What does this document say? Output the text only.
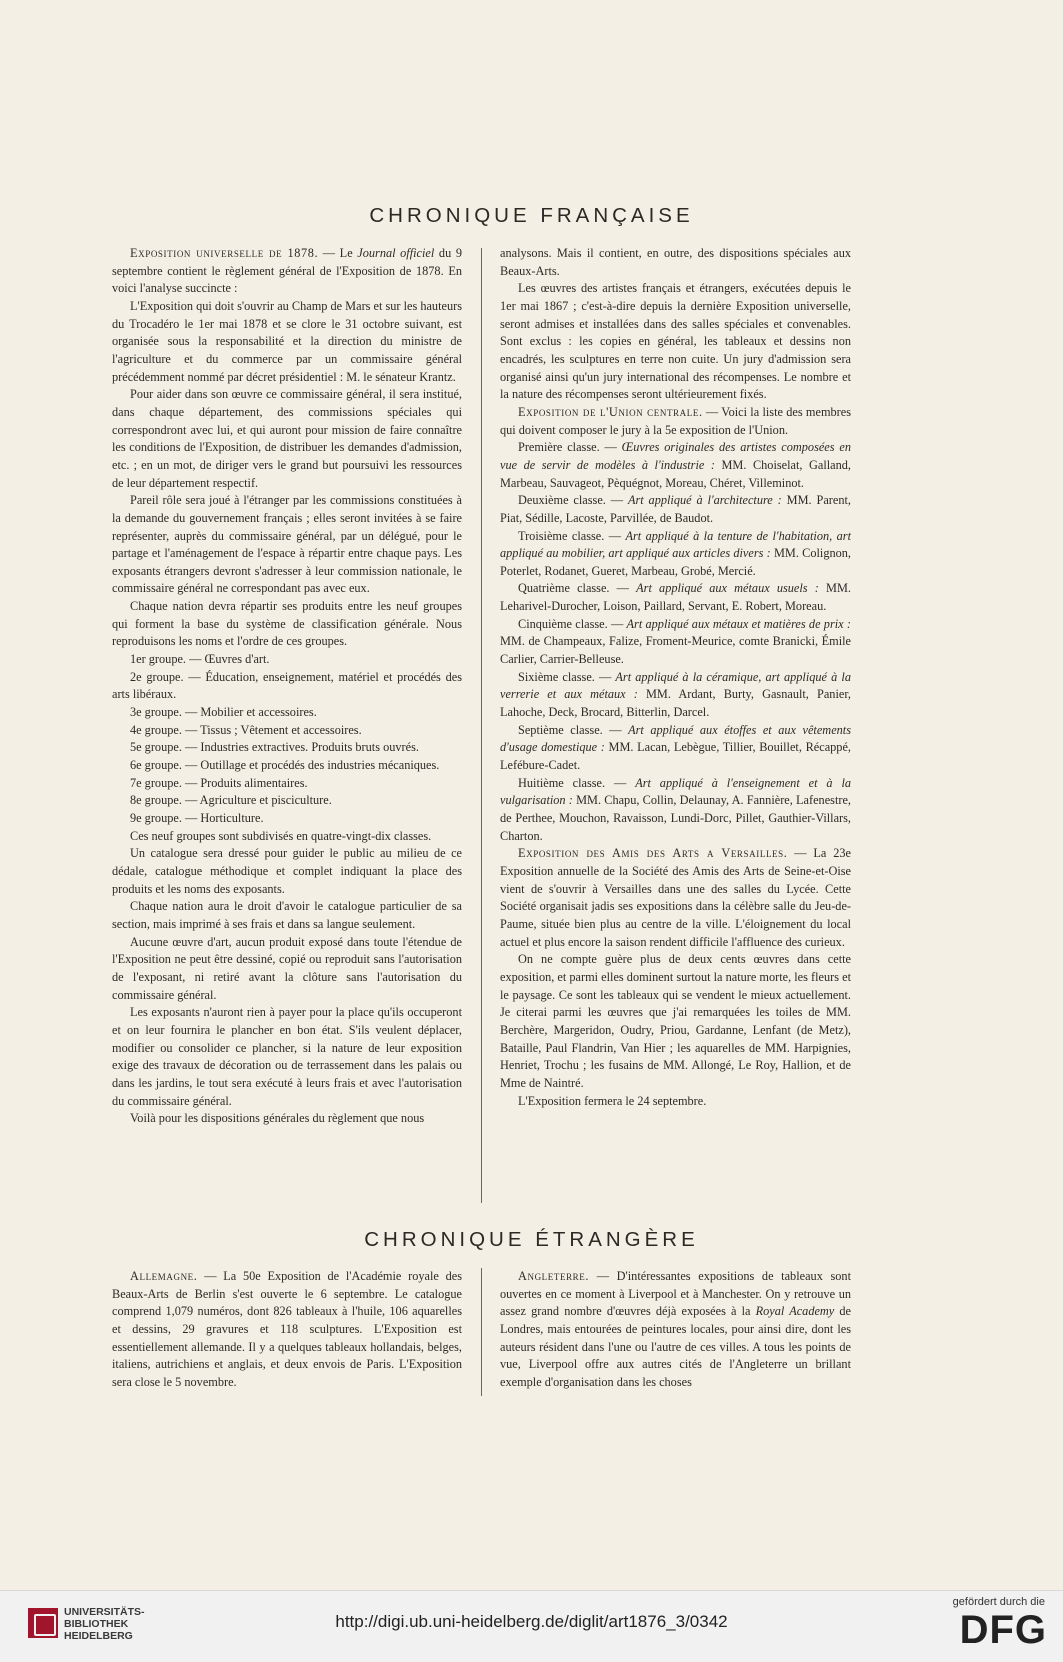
CHRONIQUE FRANÇAISE

Exposition universelle de 1878. — Le Journal officiel du 9 septembre contient le règlement général de l'Exposition de 1878. En voici l'analyse succincte :

L'Exposition qui doit s'ouvrir au Champ de Mars et sur les hauteurs du Trocadéro le 1er mai 1878 et se clore le 31 octobre suivant, est organisée sous la responsabilité et la direction du ministre de l'agriculture et du commerce par un commissaire général précédemment nommé par décret présidentiel : M. le sénateur Krantz.

Pour aider dans son œuvre ce commissaire général, il sera institué, dans chaque département, des commissions spéciales qui correspondront avec lui, et qui auront pour mission de faire connaître les conditions de l'Exposition, de distribuer les demandes d'admission, etc. ; en un mot, de diriger vers le grand but poursuivi les ressources de leur département respectif.

Pareil rôle sera joué à l'étranger par les commissions constituées à la demande du gouvernement français ; elles seront invitées à se faire représenter, auprès du commissaire général, par un délégué, pour le partage et l'aménagement de l'espace à répartir entre chaque pays. Les exposants étrangers devront s'adresser à leur commission nationale, le commissaire général ne correspondant pas avec eux.

Chaque nation devra répartir ses produits entre les neuf groupes qui forment la base du système de classification générale. Nous reproduisons les noms et l'ordre de ces groupes.

1er groupe. — Œuvres d'art.

2e groupe. — Éducation, enseignement, matériel et procédés des arts libéraux.

3e groupe. — Mobilier et accessoires.

4e groupe. — Tissus ; Vêtement et accessoires.

5e groupe. — Industries extractives. Produits bruts ouvrés.

6e groupe. — Outillage et procédés des industries mécaniques.

7e groupe. — Produits alimentaires.

8e groupe. — Agriculture et pisciculture.

9e groupe. — Horticulture.

Ces neuf groupes sont subdivisés en quatre-vingt-dix classes.

Un catalogue sera dressé pour guider le public au milieu de ce dédale, catalogue méthodique et complet indiquant la place des produits et les noms des exposants.

Chaque nation aura le droit d'avoir le catalogue particulier de sa section, mais imprimé à ses frais et dans sa langue seulement.

Aucune œuvre d'art, aucun produit exposé dans toute l'étendue de l'Exposition ne peut être dessiné, copié ou reproduit sans l'autorisation de l'exposant, ni retiré avant la clôture sans l'autorisation du commissaire général.

Les exposants n'auront rien à payer pour la place qu'ils occuperont et on leur fournira le plancher en bon état. S'ils veulent déplacer, modifier ou consolider ce plancher, si la nature de leur exposition exige des travaux de décoration ou de terrassement dans les palais ou dans les jardins, le tout sera exécuté à leurs frais et avec l'autorisation du commissaire général.

Voilà pour les dispositions générales du règlement que nous

analysons. Mais il contient, en outre, des dispositions spéciales aux Beaux-Arts.

Les œuvres des artistes français et étrangers, exécutées depuis le 1er mai 1867 ; c'est-à-dire depuis la dernière Exposition universelle, seront admises et installées dans des salles spéciales et convenables. Sont exclus : les copies en général, les tableaux et dessins non encadrés, les sculptures en terre non cuite. Un jury d'admission sera organisé ainsi qu'un jury international des récompenses. Le nombre et la nature des récompenses seront ultérieurement fixés.

Exposition de l'Union centrale. — Voici la liste des membres qui doivent composer le jury à la 5e exposition de l'Union.

Première classe. — Œuvres originales des artistes composées en vue de servir de modèles à l'industrie : MM. Choiselat, Galland, Marbeau, Sauvageot, Pèquégnot, Moreau, Chéret, Villeminot.

Deuxième classe. — Art appliqué à l'architecture : MM. Parent, Piat, Sédille, Lacoste, Parvillée, de Baudot.

Troisième classe. — Art appliqué à la tenture de l'habitation, art appliqué au mobilier, art appliqué aux articles divers : MM. Colignon, Poterlet, Rodanet, Gueret, Marbeau, Grobé, Mercié.

Quatrième classe. — Art appliqué aux métaux usuels : MM. Leharivel-Durocher, Loison, Paillard, Servant, E. Robert, Moreau.

Cinquième classe. — Art appliqué aux métaux et matières de prix : MM. de Champeaux, Falize, Froment-Meurice, comte Branicki, Émile Carlier, Carrier-Belleuse.

Sixième classe. — Art appliqué à la céramique, art appliqué à la verrerie et aux métaux : MM. Ardant, Burty, Gasnault, Panier, Lahoche, Deck, Brocard, Bitterlin, Darcel.

Septième classe. — Art appliqué aux étoffes et aux vêtements d'usage domestique : MM. Lacan, Lebègue, Tillier, Bouillet, Récappé, Lefébure-Cadet.

Huitième classe. — Art appliqué à l'enseignement et à la vulgarisation : MM. Chapu, Collin, Delaunay, A. Fannière, Lafenestre, de Perthee, Mouchon, Ravaisson, Lundi-Dorc, Pillet, Gauthier-Villars, Charton.

Exposition des Amis des Arts a Versailles. — La 23e Exposition annuelle de la Société des Amis des Arts de Seine-et-Oise vient de s'ouvrir à Versailles dans une des salles du Lycée. Cette Société organisait jadis ses expositions dans la célèbre salle du Jeu-de-Paume, située bien plus au centre de la ville. L'éloignement du local actuel et plus encore la saison rendent difficile l'affluence des curieux.

On ne compte guère plus de deux cents œuvres dans cette exposition, et parmi elles dominent surtout la nature morte, les fleurs et le paysage. Ce sont les tableaux qui se vendent le mieux actuellement. Je citerai parmi les œuvres que j'ai remarquées les toiles de MM. Berchère, Margeridon, Oudry, Priou, Gardanne, Lenfant (de Metz), Bataille, Paul Flandrin, Van Hier ; les aquarelles de MM. Harpignies, Henriet, Trochu ; les fusains de MM. Allongé, Le Roy, Hallion, et de Mme de Naintré.

L'Exposition fermera le 24 septembre.

CHRONIQUE ÉTRANGÈRE

Allemagne. — La 50e Exposition de l'Académie royale des Beaux-Arts de Berlin s'est ouverte le 6 septembre. Le catalogue comprend 1,079 numéros, dont 826 tableaux à l'huile, 106 aquarelles et dessins, 29 gravures et 118 sculptures. L'Exposition est essentiellement allemande. Il y a quelques tableaux hollandais, belges, italiens, autrichiens et anglais, et deux envois de Paris. L'Exposition sera close le 5 novembre.

Angleterre. — D'intéressantes expositions de tableaux sont ouvertes en ce moment à Liverpool et à Manchester. On y retrouve un assez grand nombre d'œuvres déjà exposées à la Royal Academy de Londres, mais entourées de peintures locales, pour ainsi dire, dont les auteurs résident dans l'une ou l'autre de ces villes. A tous les points de vue, Liverpool offre aux autres cités de l'Angleterre un brillant exemple d'organisation dans les choses

UNIVERSITÄTS-
BIBLIOTHEK
HEIDELBERG
http://digi.ub.uni-heidelberg.de/diglit/art1876_3/0342
gefördert durch die
DFG
